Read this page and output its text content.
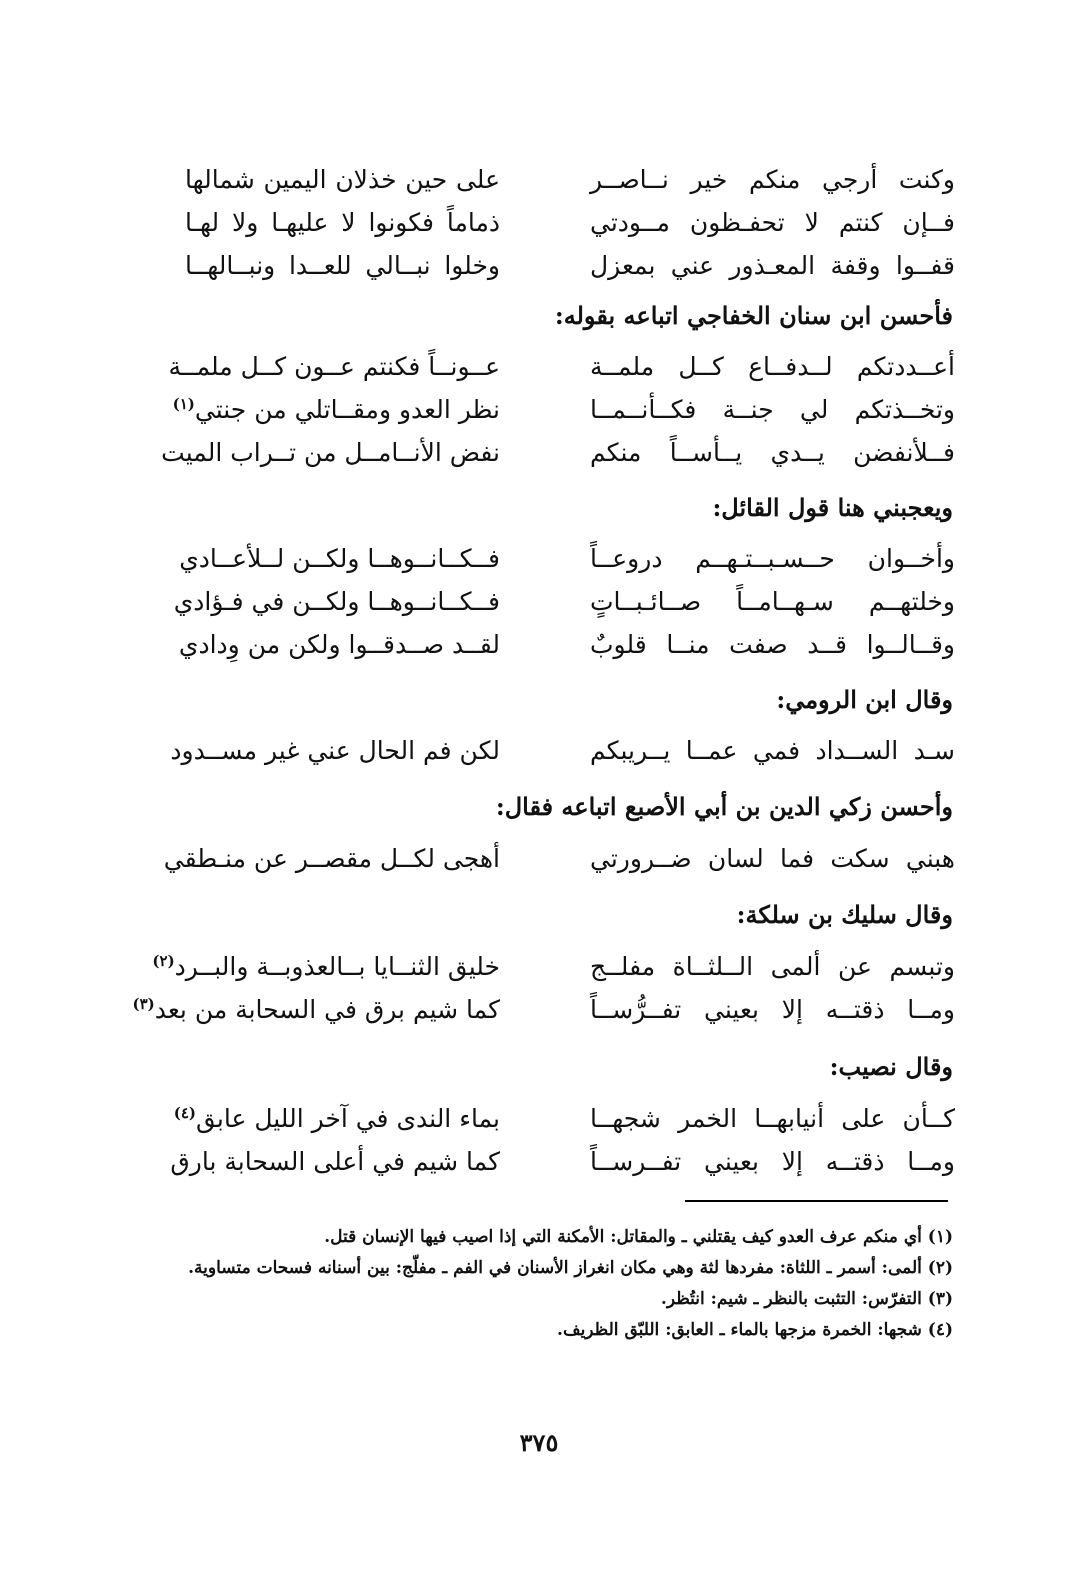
وكنت أرجي منكم خير نــاصــر
على حين خذلان اليمين شمالها
فــإن كنتم لا تحفـظون مــودتي
ذماماً فكونوا لا عليهـا ولا لهـا
قفــوا وقفة المعـذور عني بمعزل
وخلوا نبــالي للعــدا ونبــالهــا
فأحسن ابن سنان الخفاجي اتباعه بقوله:
أعــددتكم لــدفــاع كــل ملمــة
عــونــاً فكنتم عــون كــل ملمــة
وتخــذتكم لي جنــة فكــأنــمــا
نظر العدو ومقــاتلي من جنتي$^{(١)}$
فــلأنفضن يــدي يــأســاً منكم
نفض الأنــامــل من تــراب الميت
ويعجبني هنا قول القائل:
وأخــوان حــسـبــتـهــم دروعــاً
فــكــانــوهــا ولكــن لــلأعــادي
وخلتهــم سـهــامــاً صــائـبــاتٍ
فــكــانــوهــا ولكــن في فـؤادي
وقــالــوا قــد صفت منــا قلوبٌ
لقــد صــدقــوا ولكن من وِدادي
وقال ابن الرومي:
سـد الســداد فمي عمــا يــريبكم
لكن فم الحال عني غير مســدود
وأحسن زكي الدين بن أبي الأصبع اتباعه فقال:
هبني سكت فما لسان ضــرورتي
أهجى لكــل مقصــر عن منـطقي
وقال سليك بن سلكة:
وتبسم عن ألمى الــلثــاة مفلــج
خليق الثنــايا بــالعذوبــة والبــرد$^{(٢)}$
ومــا ذقتــه إلا بعيني تفــرُّســاً
كما شيم برق في السحابة من بعد$^{(٣)}$
وقال نصيب:
كــأن على أنيابهــا الخمر شجهــا
بماء الندى في آخر الليل عابق$^{(٤)}$
ومــا ذقتــه إلا بعيني تفــرســاً
كما شيم في أعلى السحابة بارق

(١) أي منكم عرف العدو كيف يقتلني ـ والمقاتل: الأمكنة التي إذا اصيب فيها الإنسان قتل.

(٢) ألمى: أسمر ـ اللثاة: مفردها لثة وهي مكان انغراز الأسنان في الفم ـ مفلّج: بين أسنانه فسحات متساوية.

(٣) التفرّس: التثبت بالنظر ـ شيم: انتُظر.

(٤) شجها: الخمرة مزجها بالماء ـ العابق: اللبّق الظريف.

٣٧٥
